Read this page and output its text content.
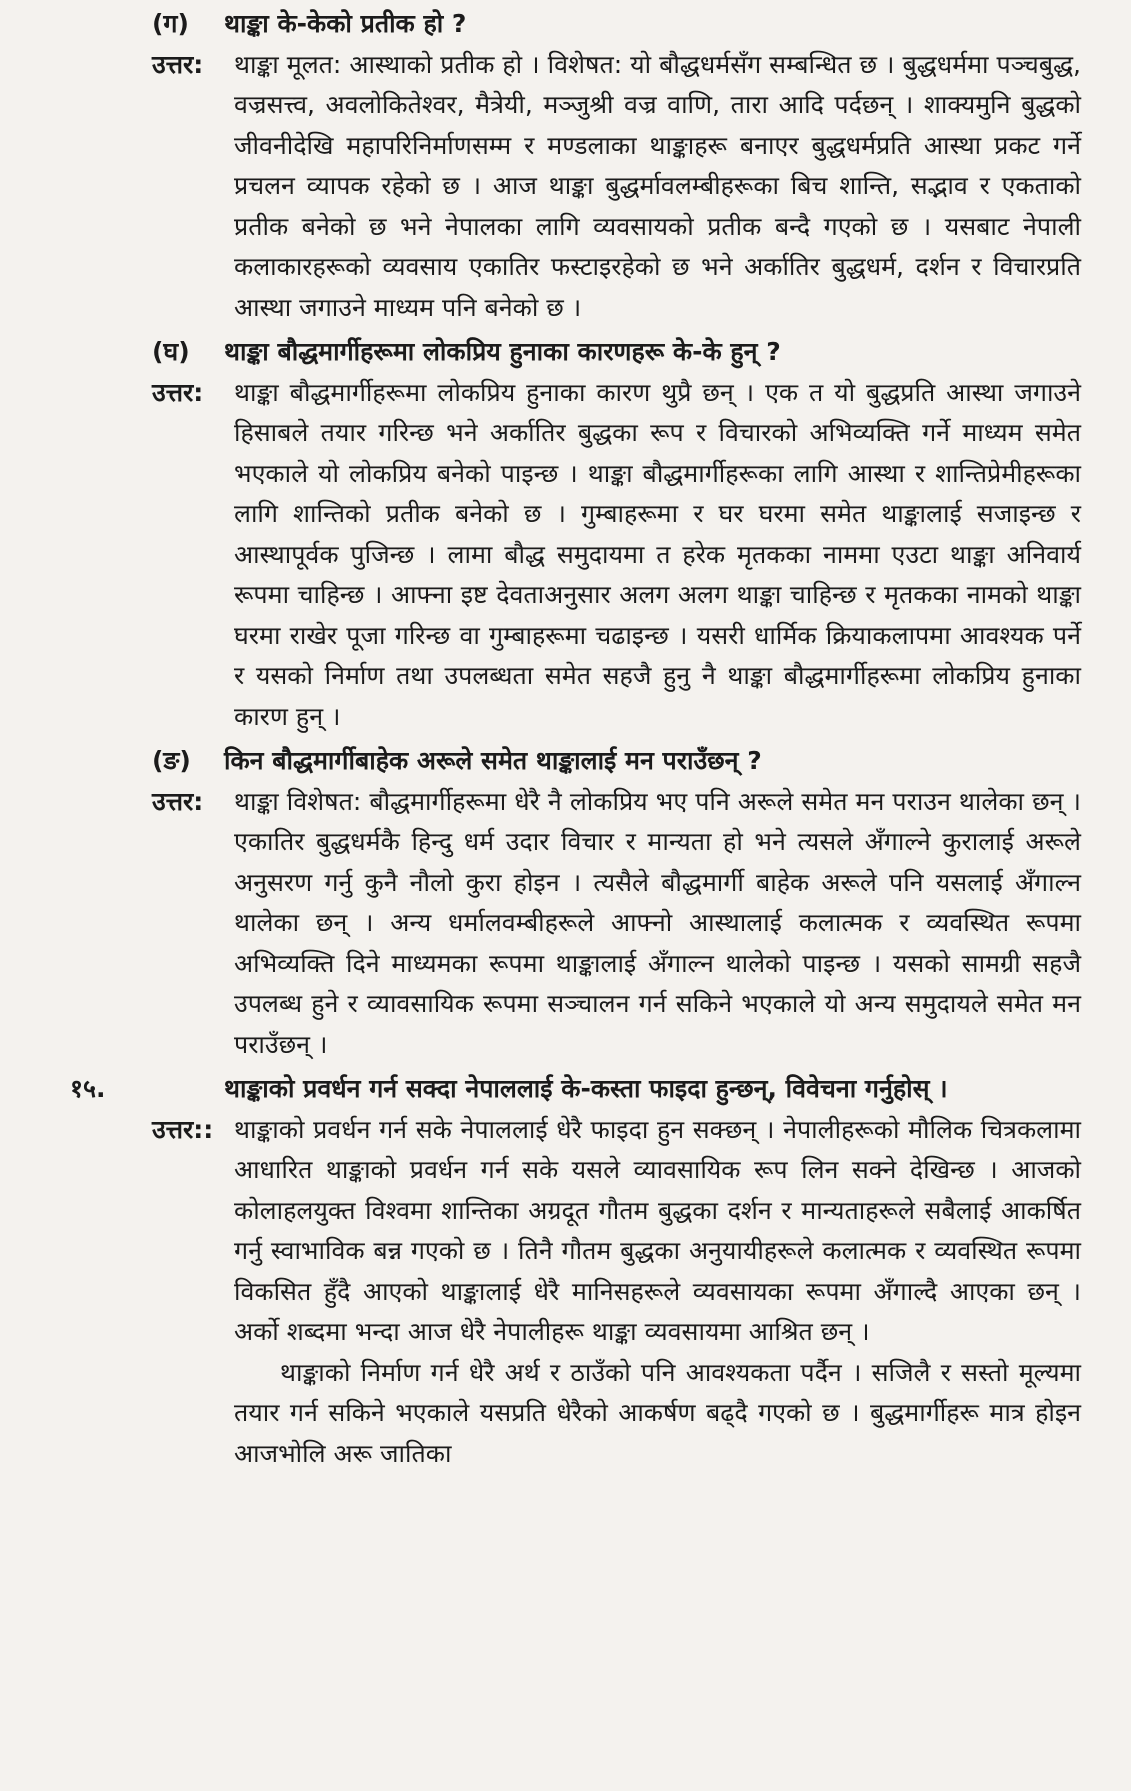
(ग)	थाङ्का के-केको प्रतीक हो ?
उत्तर:	थाङ्का मूलत: आस्थाको प्रतीक हो । विशेषत: यो बौद्धधर्मसँग सम्बन्धित छ । बुद्धधर्ममा पञ्चबुद्ध, वज्रसत्त्व, अवलोकितेश्वर, मैत्रेयी, मञ्जुश्री वज्र वाणि, तारा आदि पर्दछन् । शाक्यमुनि बुद्धको जीवनीदेखि महापरिनिर्माणसम्म र मण्डलाका थाङ्काहरू बनाएर बुद्धधर्मप्रति आस्था प्रकट गर्ने प्रचलन व्यापक रहेको छ । आज थाङ्का बुद्धर्मावलम्बीहरूका बिच शान्ति, सद्भाव र एकताको प्रतीक बनेको छ भने नेपालका लागि व्यवसायको प्रतीक बन्दै गएको छ । यसबाट नेपाली कलाकारहरूको व्यवसाय एकातिर फस्टाइरहेको छ भने अर्कातिर बुद्धधर्म, दर्शन र विचारप्रति आस्था जगाउने माध्यम पनि बनेको छ ।
(घ)	थाङ्का बौद्धमार्गीहरूमा लोकप्रिय हुनाका कारणहरू के-के हुन् ?
उत्तर:	थाङ्का बौद्धमार्गीहरूमा लोकप्रिय हुनाका कारण थुप्रै छन् । एक त यो बुद्धप्रति आस्था जगाउने हिसाबले तयार गरिन्छ भने अर्कातिर बुद्धका रूप र विचारको अभिव्यक्ति गर्ने माध्यम समेत भएकाले यो लोकप्रिय बनेको पाइन्छ । थाङ्का बौद्धमार्गीहरूका लागि आस्था र शान्तिप्रेमीहरूका लागि शान्तिको प्रतीक बनेको छ । गुम्बाहरूमा र घर घरमा समेत थाङ्कालाई सजाइन्छ र आस्थापूर्वक पुजिन्छ । लामा बौद्ध समुदायमा त हरेक मृतकका नाममा एउटा थाङ्का अनिवार्य रूपमा चाहिन्छ । आफ्ना इष्ट देवताअनुसार अलग अलग थाङ्का चाहिन्छ र मृतकका नामको थाङ्का घरमा राखेर पूजा गरिन्छ वा गुम्बाहरूमा चढाइन्छ । यसरी धार्मिक क्रियाकलापमा आवश्यक पर्ने र यसको निर्माण तथा उपलब्धता समेत सहजै हुनु नै थाङ्का बौद्धमार्गीहरूमा लोकप्रिय हुनाका कारण हुन् ।
(ङ)	किन बौद्धमार्गीबाहेक अरूले समेत थाङ्कालाई मन पराउँछन् ?
उत्तर:	थाङ्का विशेषत: बौद्धमार्गीहरूमा धेरै नै लोकप्रिय भए पनि अरूले समेत मन पराउन थालेका छन् । एकातिर बुद्धधर्मकै हिन्दु धर्म उदार विचार र मान्यता हो भने त्यसले अँगाल्ने कुरालाई अरूले अनुसरण गर्नु कुनै नौलो कुरा होइन । त्यसैले बौद्धमार्गी बाहेक अरूले पनि यसलाई अँगाल्न थालेका छन् । अन्य धर्मालवम्बीहरूले आफ्नो आस्थालाई कलात्मक र व्यवस्थित रूपमा अभिव्यक्ति दिने माध्यमका रूपमा थाङ्कालाई अँगाल्न थालेको पाइन्छ । यसको सामग्री सहजै उपलब्ध हुने र व्यावसायिक रूपमा सञ्चालन गर्न सकिने भएकाले यो अन्य समुदायले समेत मन पराउँछन् ।
१५.	थाङ्काको प्रवर्धन गर्न सक्दा नेपाललाई के-कस्ता फाइदा हुन्छन्, विवेचना गर्नुहोस् ।
उत्तर:: थाङ्काको प्रवर्धन गर्न सके नेपाललाई धेरै फाइदा हुन सक्छन् । नेपालीहरूको मौलिक चित्रकलामा आधारित थाङ्काको प्रवर्धन गर्न सके यसले व्यावसायिक रूप लिन सक्ने देखिन्छ । आजको कोलाहलयुक्त विश्वमा शान्तिका अग्रदूत गौतम बुद्धका दर्शन र मान्यताहरूले सबैलाई आकर्षित गर्नु स्वाभाविक बन्न गएको छ । तिनै गौतम बुद्धका अनुयायीहरूले कलात्मक र व्यवस्थित रूपमा विकसित हुँदै आएको थाङ्कालाई धेरै मानिसहरूले व्यवसायका रूपमा अँगाल्दै आएका छन् । अर्को शब्दमा भन्दा आज धेरै नेपालीहरू थाङ्का व्यवसायमा आश्रित छन् ।
थाङ्काको निर्माण गर्न धेरै अर्थ र ठाउँको पनि आवश्यकता पर्दैन । सजिलै र सस्तो मूल्यमा तयार गर्न सकिने भएकाले यसप्रति धेरैको आकर्षण बढ्दै गएको छ । बुद्धमार्गीहरू मात्र होइन आजभोलि अरू जातिका
